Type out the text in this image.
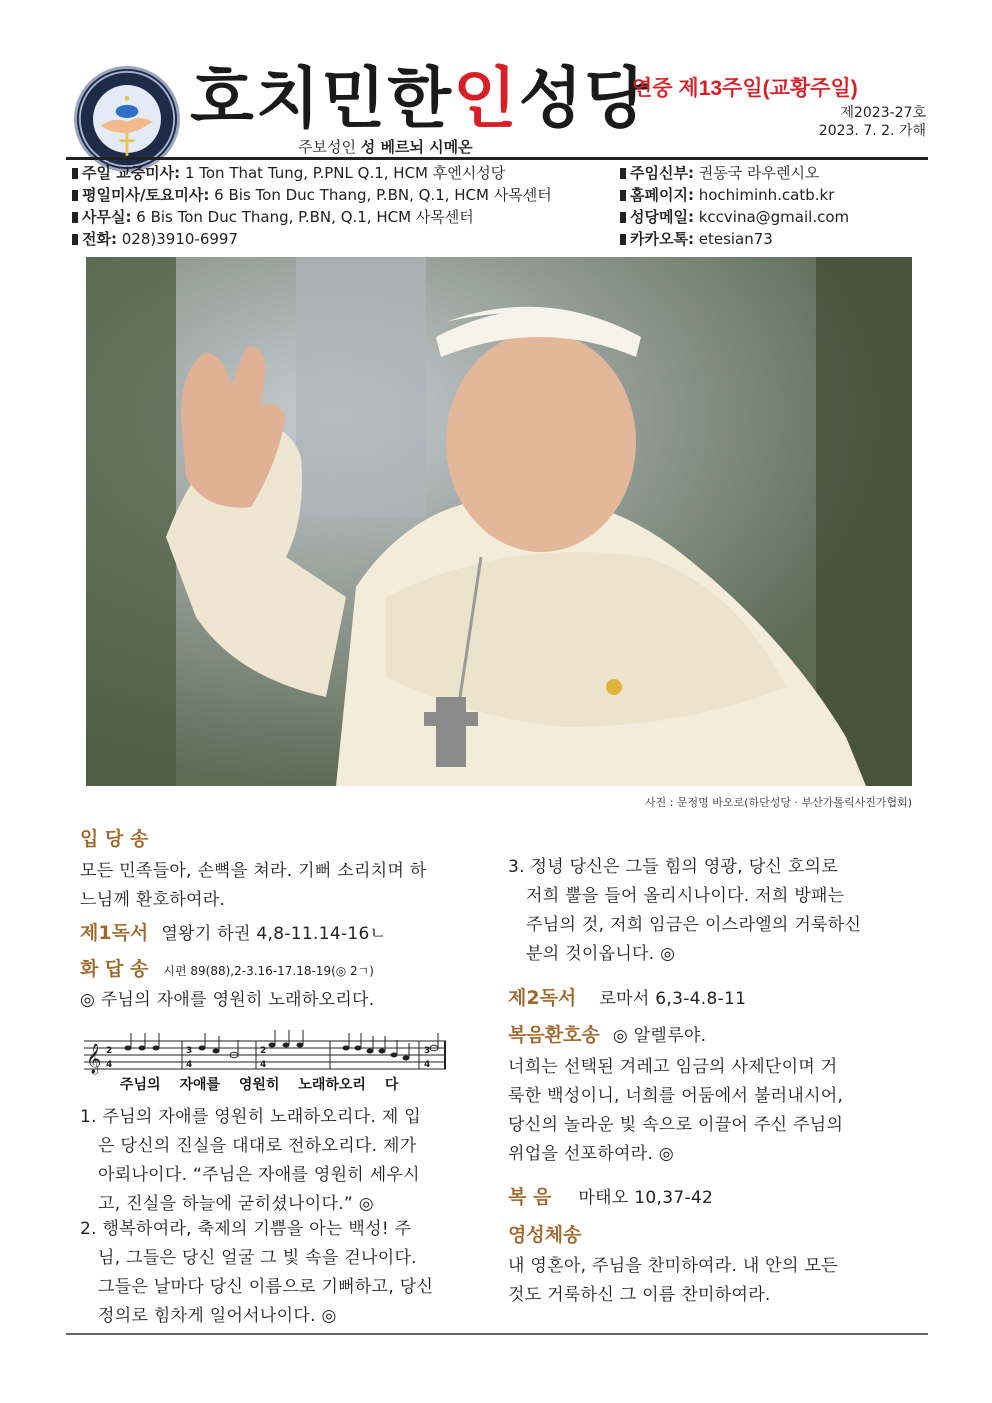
호치민한인성당
연중 제13주일(교황주일)
제2023-27호
2023. 7. 2. 가해
주보성인 성 베르뇌 시메온
주일 교중미사: 1 Ton That Tung, P.PNL Q.1, HCM 후엔시성당
평일미사/토요미사: 6 Bis Ton Duc Thang, P.BN, Q.1, HCM 사목센터
사무실: 6 Bis Ton Duc Thang, P.BN, Q.1, HCM 사목센터
전화: 028)3910-6997
주임신부: 권동국 라우렌시오
홈페이지: hochiminh.catb.kr
성당메일: kccvina@gmail.com
카카오톡: etesian73
사진 : 문정명 바오로(하단성당 · 부산가톨릭사진가협회)
입 당 송
모든 민족들아, 손뼉을 쳐라. 기뻐 소리치며 하
느님께 환호하여라.
제1독서 열왕기 하권 4,8-11.14-16ㄴ
화 답 송 시편 89(88),2-3.16-17.18-19(◎ 2ㄱ)
◎ 주님의 자애를 영원히 노래하오리다.
𝄞 2
4
3
4
2
4
3
4
주님의 자애를 영원히 노래하오리 다
1. 주님의 자애를 영원히 노래하오리다. 제 입
은 당신의 진실을 대대로 전하오리다. 제가
아뢰나이다. “주님은 자애를 영원히 세우시
고, 진실을 하늘에 굳히셨나이다.” ◎
2. 행복하여라, 축제의 기쁨을 아는 백성! 주
님, 그들은 당신 얼굴 그 빛 속을 걷나이다.
그들은 날마다 당신 이름으로 기뻐하고, 당신
정의로 힘차게 일어서나이다. ◎
3. 정녕 당신은 그들 힘의 영광, 당신 호의로
저희 뿔을 들어 올리시나이다. 저희 방패는
주님의 것, 저희 임금은 이스라엘의 거룩하신
분의 것이옵니다. ◎
제2독서 로마서 6,3-4.8-11
복음환호송 ◎ 알렐루야.
너희는 선택된 겨레고 임금의 사제단이며 거
룩한 백성이니, 너희를 어둠에서 불러내시어,
당신의 놀라운 빛 속으로 이끌어 주신 주님의
위업을 선포하여라. ◎
복 음 마태오 10,37-42
영성체송
내 영혼아, 주님을 찬미하여라. 내 안의 모든
것도 거룩하신 그 이름 찬미하여라.
